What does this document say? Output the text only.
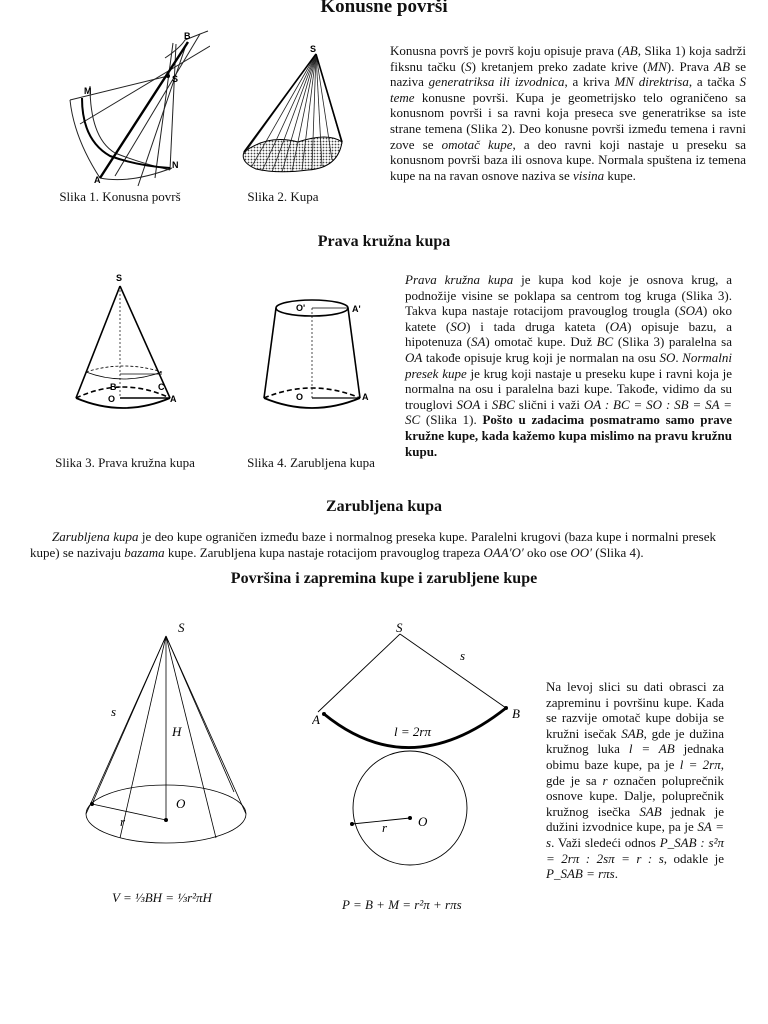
Konusne površi
B
S
M
N
A
Slika 1. Konusna površ
S
Slika 2. Kupa
Konusna površ je površ koju opisuje prava (AB, Slika 1) koja sadrži fiksnu tačku (S) kretanjem preko zadate krive (MN). Prava AB se naziva generatriksa ili izvodnica, a kriva MN direktrisa, a tačka S teme konusne površi. Kupa je geometrijsko telo ograničeno sa konusnom površi i sa ravni koja preseca sve generatrikse sa iste strane temena (Slika 2). Deo konusne površi između temena i ravni zove se omotač kupe, a deo ravni koji nastaje u preseku sa konusnom površi baza ili osnova kupe. Normala spuštena iz temena kupe na na ravan osnove naziva se visina kupe.
Prava kružna kupa
S
B	C
O	A
Slika 3. Prava kružna kupa
O'	A'
O	A
Slika 4. Zarubljena kupa
Prava kružna kupa je kupa kod koje je osnova krug, a podnožije visine se poklapa sa centrom tog kruga (Slika 3). Takva kupa nastaje rotacijom pravouglog trougla (SOA) oko katete (SO) i tada druga kateta (OA) opisuje bazu, a hipotenuza (SA) omotač kupe. Duž BC (Slika 3) paralelna sa OA takođe opisuje krug koji je normalan na osu SO. Normalni presek kupe je krug koji nastaje u preseku kupe i ravni koja je normalna na osu i paralelna bazi kupe. Takođe, vidimo da su trouglovi SOA i SBC slični i važi OA : BC = SO : SB = SA = SC (Slika 1). Pošto u zadacima posmatramo samo prave kružne kupe, kada kažemo kupa mislimo na pravu kružnu kupu.
Zarubljena kupa
Zarubljena kupa je deo kupe ograničen između baze i normalnog preseka kupe. Paralelni krugovi (baza kupe i normalni presek kupe) se nazivaju bazama kupe. Zarubljena kupa nastaje rotacijom pravouglog trapeza OAA′O′ oko ose OO′ (Slika 4).
Površina i zapremina kupe i zarubljene kupe
S
s
H
O
r
V = ⅓BH = ⅓r²πH
S
s
A	B
l = 2rπ
O
r
P = B + M = r²π + rπs
Na levoj slici su dati obrasci za zapreminu i površinu kupe. Kada se razvije omotač kupe dobija se kružni isečak SAB, gde je dužina kružnog luka l = AB jednaka obimu baze kupe, pa je l = 2rπ, gde je sa r označen poluprečnik osnove kupe. Dalje, poluprečnik kružnog isečka SAB jednak je dužini izvodnice kupe, pa je SA = s. Važi sledeći odnos P_SAB : s²π = 2rπ : 2sπ = r : s, odakle je P_SAB = rπs.
